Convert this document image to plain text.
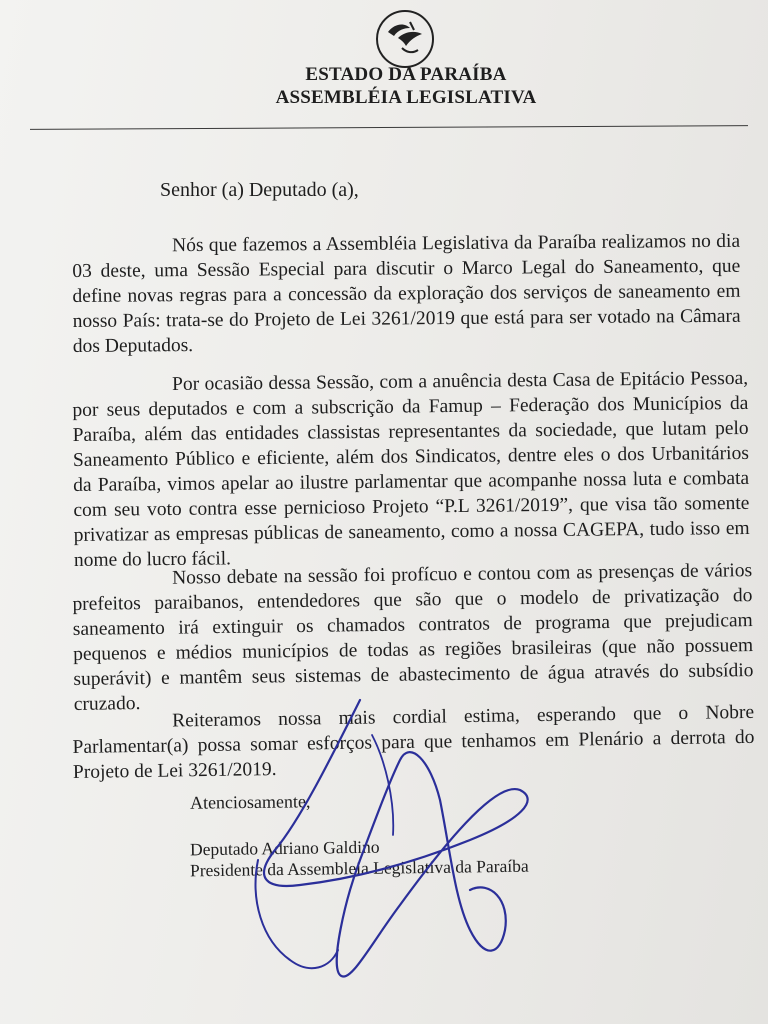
ESTADO DA PARAÍBA
ASSEMBLÉIA LEGISLATIVA
Senhor (a) Deputado (a),
Nós que fazemos a Assembléia Legislativa da Paraíba realizamos no dia 03 deste, uma Sessão Especial para discutir o Marco Legal do Saneamento, que define novas regras para a concessão da exploração dos serviços de saneamento em nosso País: trata-se do Projeto de Lei 3261/2019 que está para ser votado na Câmara dos Deputados.
Por ocasião dessa Sessão, com a anuência desta Casa de Epitácio Pessoa, por seus deputados e com a subscrição da Famup – Federação dos Municípios da Paraíba, além das entidades classistas representantes da sociedade, que lutam pelo Saneamento Público e eficiente, além dos Sindicatos, dentre eles o dos Urbanitários da Paraíba, vimos apelar ao ilustre parlamentar que acompanhe nossa luta e combata com seu voto contra esse pernicioso Projeto “P.L 3261/2019”, que visa tão somente privatizar as empresas públicas de saneamento, como a nossa CAGEPA, tudo isso em nome do lucro fácil.
Nosso debate na sessão foi profícuo e contou com as presenças de vários prefeitos paraibanos, entendedores que são que o modelo de privatização do saneamento irá extinguir os chamados contratos de programa que prejudicam pequenos e médios municípios de todas as regiões brasileiras (que não possuem superávit) e mantêm seus sistemas de abastecimento de água através do subsídio cruzado.	Reiteramos nossa mais cordial estima, esperando que o Nobre Parlamentar(a) possa somar esforços para que tenhamos em Plenário a derrota do Projeto de Lei 3261/2019.
Atenciosamente,
Deputado Adriano Galdino
Presidente da Assembleia Legislativa da Paraíba
